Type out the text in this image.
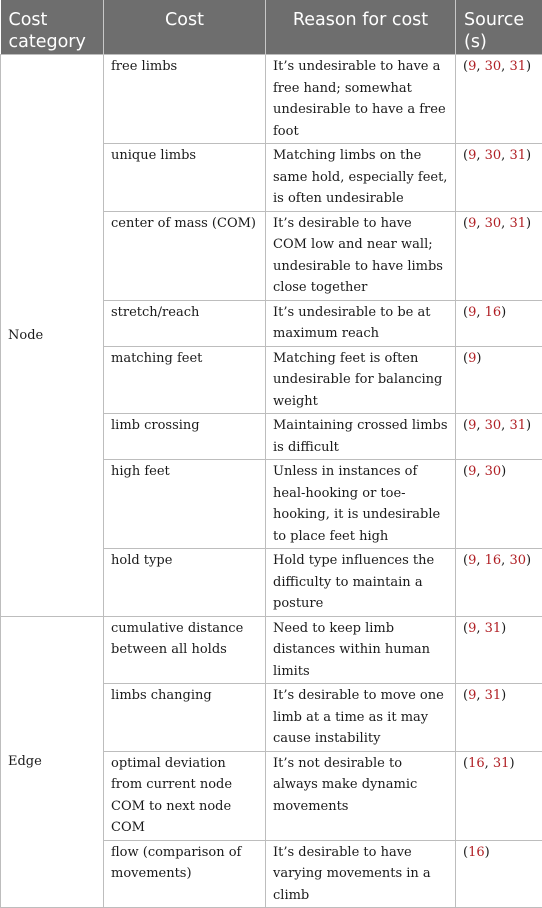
Cost category	Cost	Reason for cost	Source (s)
Node	free limbs	It’s undesirable to have a free hand; somewhat undesirable to have a free foot	(9, 30, 31)
	unique limbs	Matching limbs on the same hold, especially feet, is often undesirable	(9, 30, 31)
	center of mass (COM)	It’s desirable to have COM low and near wall; undesirable to have limbs close together	(9, 30, 31)
	stretch/reach	It’s undesirable to be at maximum reach	(9, 16)
	matching feet	Matching feet is often undesirable for balancing weight	(9)
	limb crossing	Maintaining crossed limbs is difficult	(9, 30, 31)
	high feet	Unless in instances of heal-hooking or toe-hooking, it is undesirable to place feet high	(9, 30)
	hold type	Hold type influences the difficulty to maintain a posture	(9, 16, 30)
Edge	cumulative distance between all holds	Need to keep limb distances within human limits	(9, 31)
	limbs changing	It’s desirable to move one limb at a time as it may cause instability	(9, 31)
	optimal deviation from current node COM to next node COM	It’s not desirable to always make dynamic movements	(16, 31)
	flow (comparison of movements)	It’s desirable to have varying movements in a climb	(16)
